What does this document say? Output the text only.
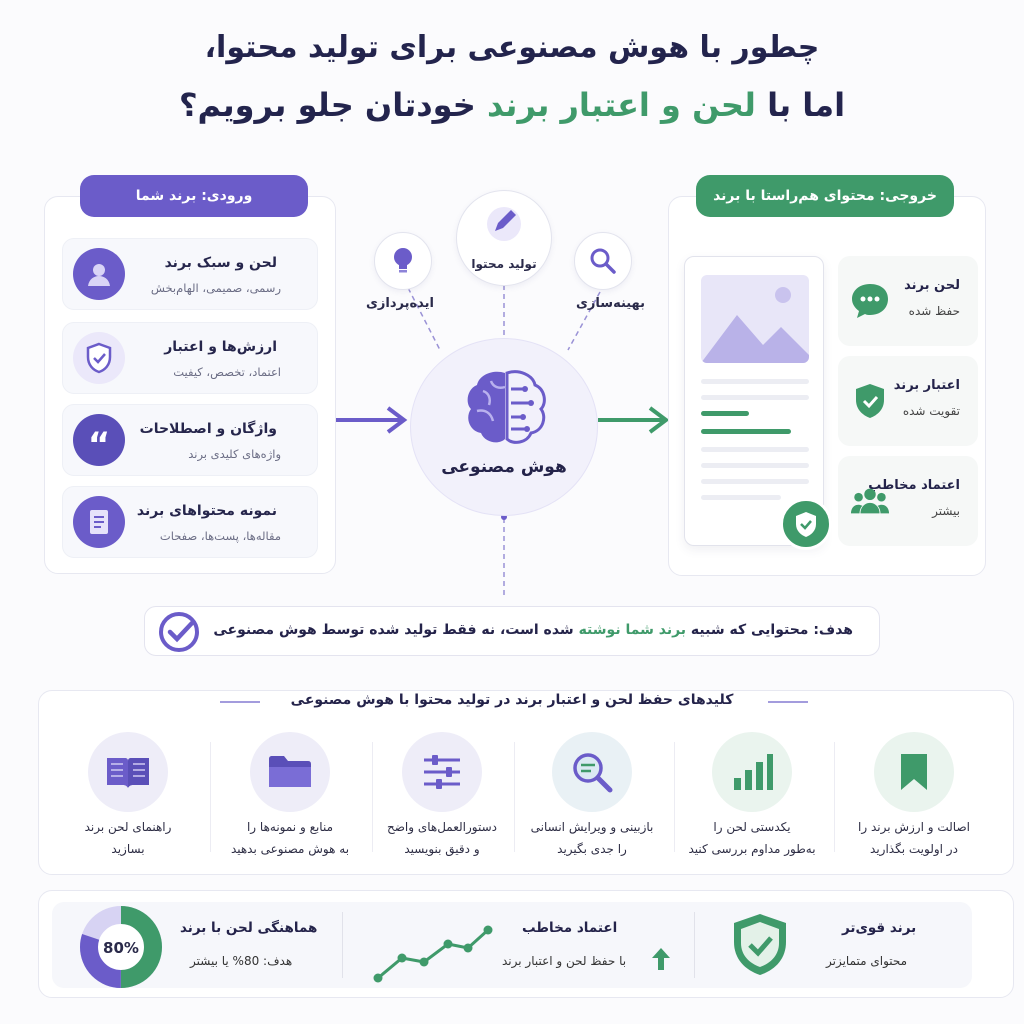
چطور با هوش مصنوعی برای تولید محتوا،
اما با لحن و اعتبار برند خودتان جلو برویم؟
ورودی: برند شما
لحن و سبک برند
رسمی، صمیمی، الهام‌بخش
ارزش‌ها و اعتبار
اعتماد، تخصص، کیفیت
“ واژگان و اصطلاحات
واژه‌های کلیدی برند
نمونه محتواهای برند
مقاله‌ها، پست‌ها، صفحات
ایده‌پردازی
تولید محتوا
بهینه‌سازی
هوش مصنوعی
خروجی: محتوای هم‌راستا با برند
لحن برند
حفظ شده
اعتبار برند
تقویت شده
اعتماد مخاطب
بیشتر
هدف: محتوایی که شبیه برند شما نوشته شده است، نه فقط تولید شده توسط هوش مصنوعی
کلیدهای حفظ لحن و اعتبار برند در تولید محتوا با هوش مصنوعی
راهنمای لحن برند
بسازید
منابع و نمونه‌ها را
به هوش مصنوعی بدهید
دستورالعمل‌های واضح
و دقیق بنویسید
بازبینی و ویرایش انسانی
را جدی بگیرید
یکدستی لحن را
به‌طور مداوم بررسی کنید
اصالت و ارزش برند را
در اولویت بگذارید
80%
هماهنگی لحن با برند
هدف: 80% یا بیشتر
اعتماد مخاطب
با حفظ لحن و اعتبار برند
برند قوی‌تر
محتوای متمایزتر
